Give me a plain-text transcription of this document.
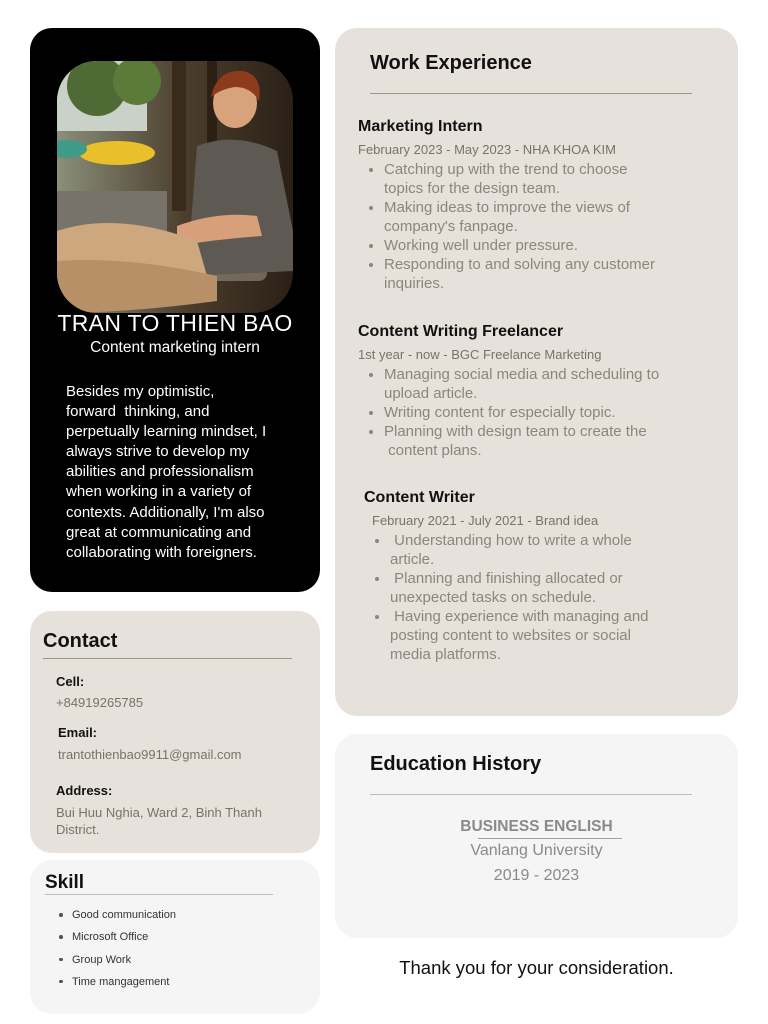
TRAN TO THIEN BAO
Content marketing intern
Besides my optimistic,
forward  thinking, and
perpetually learning mindset, I
always strive to develop my
abilities and professionalism
when working in a variety of
contexts. Additionally, I'm also
great at communicating and
collaborating with foreigners.
Contact
Cell:
+84919265785
Email:
trantothienbao9911@gmail.com
Address:
Bui Huu Nghia, Ward 2, Binh Thanh
District.
Skill
Good communication
Microsoft Office
Group Work
Time mangagement
Work Experience
Marketing Intern
February 2023 - May 2023 - NHA KHOA KIM
Catching up with the trend to choose
topics for the design team.
Making ideas to improve the views of
company's fanpage.
Working well under pressure.
Responding to and solving any customer
inquiries.
Content Writing Freelancer
1st year - now - BGC Freelance Marketing
Managing social media and scheduling to
upload article.
Writing content for especially topic.
Planning with design team to create the
content plans.
Content Writer
February 2021 - July 2021 - Brand idea
Understanding how to write a whole
article.
Planning and finishing allocated or
unexpected tasks on schedule.
Having experience with managing and
posting content to websites or social
media platforms.
Education History
BUSINESS ENGLISH
Vanlang University
2019 - 2023
Thank you for your consideration.
